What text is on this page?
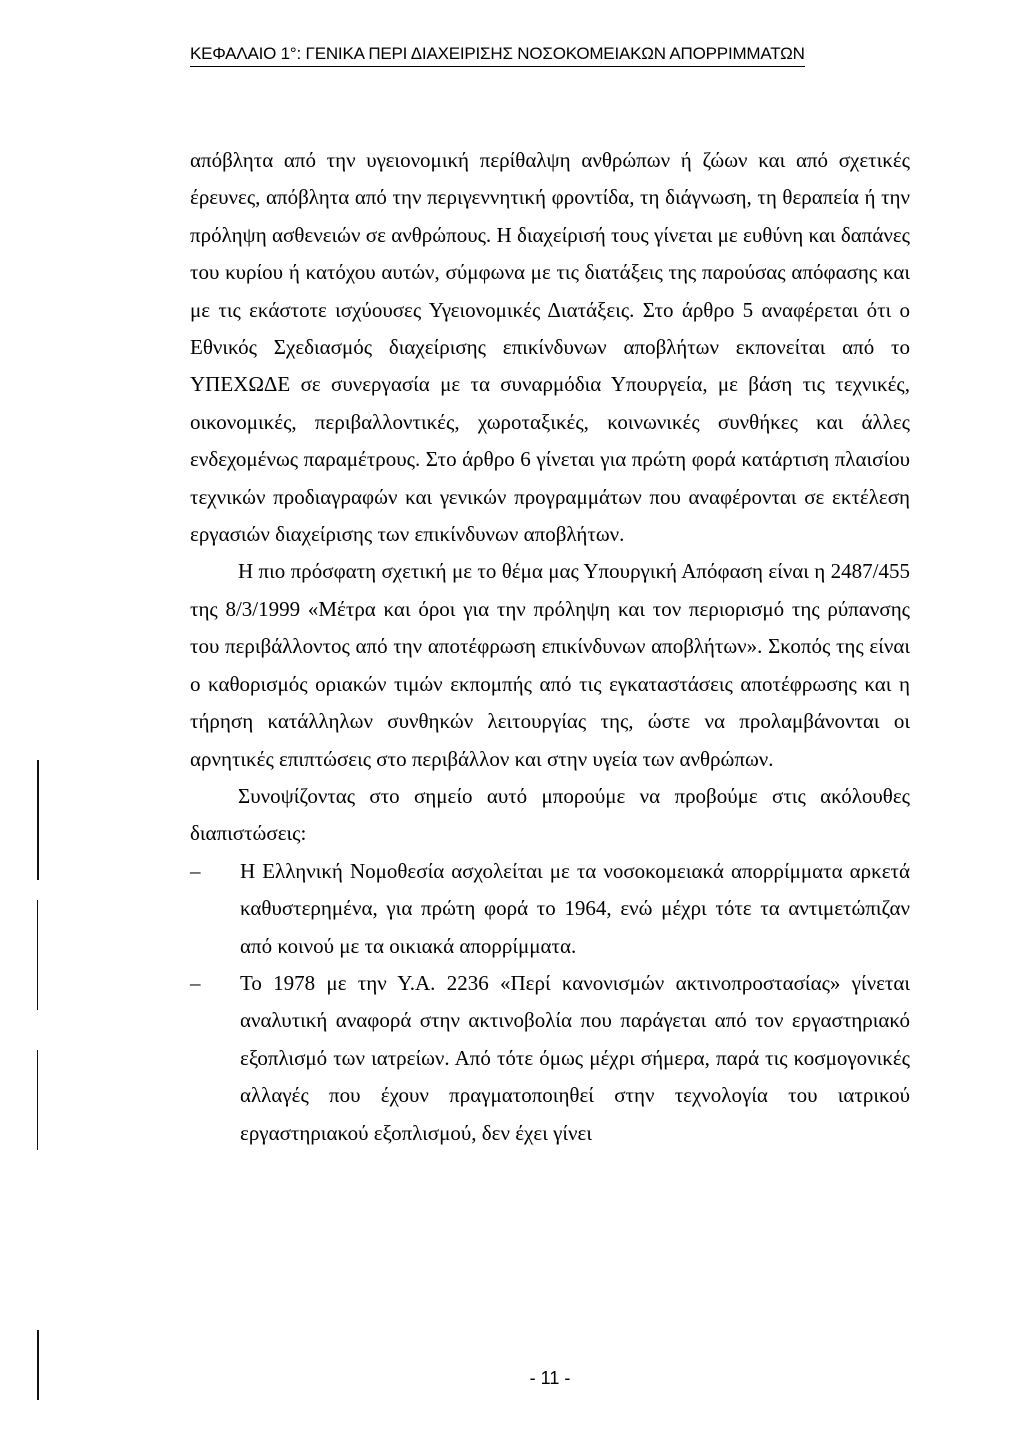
ΚΕΦΑΛΑΙΟ 1°: ΓΕΝΙΚΑ ΠΕΡΙ ΔΙΑΧΕΙΡΙΣΗΣ ΝΟΣΟΚΟΜΕΙΑΚΩΝ ΑΠΟΡΡΙΜΜΑΤΩΝ

απόβλητα από την υγειονομική περίθαλψη ανθρώπων ή ζώων και από σχετικές έρευνες, απόβλητα από την περιγεννητική φροντίδα, τη διάγνωση, τη θεραπεία ή την πρόληψη ασθενειών σε ανθρώπους. Η διαχείρισή τους γίνεται με ευθύνη και δαπάνες του κυρίου ή κατόχου αυτών, σύμφωνα με τις διατάξεις της παρούσας απόφασης και με τις εκάστοτε ισχύουσες Υγειονομικές Διατάξεις. Στο άρθρο 5 αναφέρεται ότι ο Εθνικός Σχεδιασμός διαχείρισης επικίνδυνων αποβλήτων εκπονείται από το ΥΠΕΧΩΔΕ σε συνεργασία με τα συναρμόδια Υπουργεία, με βάση τις τεχνικές, οικονομικές, περιβαλλοντικές, χωροταξικές, κοινωνικές συνθήκες και άλλες ενδεχομένως παραμέτρους. Στο άρθρο 6 γίνεται για πρώτη φορά κατάρτιση πλαισίου τεχνικών προδιαγραφών και γενικών προγραμμάτων που αναφέρονται σε εκτέλεση εργασιών διαχείρισης των επικίνδυνων αποβλήτων.

Η πιο πρόσφατη σχετική με το θέμα μας Υπουργική Απόφαση είναι η 2487/455 της 8/3/1999 «Μέτρα και όροι για την πρόληψη και τον περιορισμό της ρύπανσης του περιβάλλοντος από την αποτέφρωση επικίνδυνων αποβλήτων». Σκοπός της είναι ο καθορισμός οριακών τιμών εκπομπής από τις εγκαταστάσεις αποτέφρωσης και η τήρηση κατάλληλων συνθηκών λειτουργίας της, ώστε να προλαμβάνονται οι αρνητικές επιπτώσεις στο περιβάλλον και στην υγεία των ανθρώπων.

Συνοψίζοντας στο σημείο αυτό μπορούμε να προβούμε στις ακόλουθες διαπιστώσεις:

–	Η Ελληνική Νομοθεσία ασχολείται με τα νοσοκομειακά απορρίμματα αρκετά καθυστερημένα, για πρώτη φορά το 1964, ενώ μέχρι τότε τα αντιμετώπιζαν από κοινού με τα οικιακά απορρίμματα.
–	Το 1978 με την Υ.Α. 2236 «Περί κανονισμών ακτινοπροστασίας» γίνεται αναλυτική αναφορά στην ακτινοβολία που παράγεται από τον εργαστηριακό εξοπλισμό των ιατρείων. Από τότε όμως μέχρι σήμερα, παρά τις κοσμογονικές αλλαγές που έχουν πραγματοποιηθεί στην τεχνολογία του ιατρικού εργαστηριακού εξοπλισμού, δεν έχει γίνει
- 11 -
